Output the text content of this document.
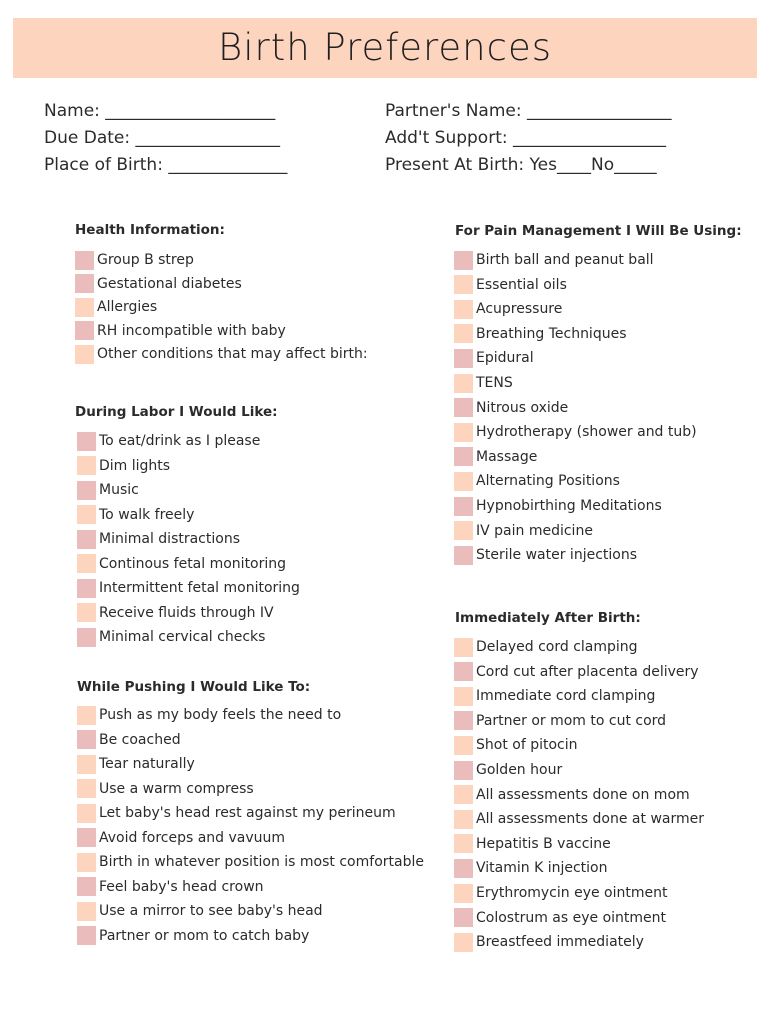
Birth Preferences
Name: ____________________
Due Date: _________________
Place of Birth: ______________
Partner's Name: _________________
Add't Support: __________________
Present At Birth: Yes____No_____
Health Information:
During Labor I Would Like:
While Pushing I Would Like To:
For Pain Management I Will Be Using:
Immediately After Birth:
Group B strep
Gestational diabetes
Allergies
RH incompatible with baby
Other conditions that may affect birth:
To eat/drink as I please
Dim lights
Music
To walk freely
Minimal distractions
Continous fetal monitoring
Intermittent fetal monitoring
Receive fluids through IV
Minimal cervical checks
Push as my body feels the need to
Be coached
Tear naturally
Use a warm compress
Let baby's head rest against my perineum
Avoid forceps and vavuum
Birth in whatever position is most comfortable
Feel baby's head crown
Use a mirror to see baby's head
Partner or mom to catch baby
Birth ball and peanut ball
Essential oils
Acupressure
Breathing Techniques
Epidural
TENS
Nitrous oxide
Hydrotherapy (shower and tub)
Massage
Alternating Positions
Hypnobirthing Meditations
IV pain medicine
Sterile water injections
Delayed cord clamping
Cord cut after placenta delivery
Immediate cord clamping
Partner or mom to cut cord
Shot of pitocin
Golden hour
All assessments done on mom
All assessments done at warmer
Hepatitis B vaccine
Vitamin K injection
Erythromycin eye ointment
Colostrum as eye ointment
Breastfeed immediately
